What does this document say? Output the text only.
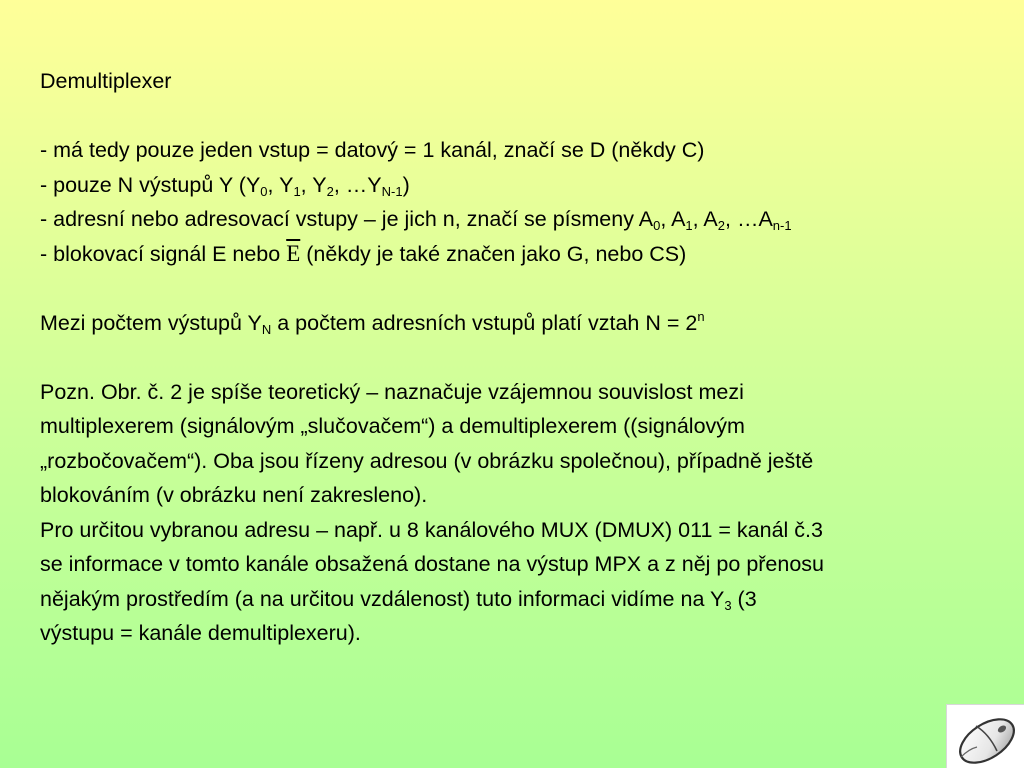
Demultiplexer
- má tedy pouze jeden vstup = datový = 1 kanál, značí se D (někdy C)
- pouze N výstupů Y ($Y_0$, $Y_1$, $Y_2$, $\dots Y_{N-1}$)
- adresní nebo adresovací vstupy – je jich n, značí se písmeny $A_0$, $A_1$, $A_2$, $\dots A_{n-1}$
- blokovací signál E nebo $\overline{E}$ (někdy je také značen jako G, nebo CS)
Mezi počtem výstupů $Y_N$ a počtem adresních vstupů platí vztah $N = 2^n$
Pozn. Obr. č. 2 je spíše teoretický – naznačuje vzájemnou souvislost mezi
multiplexerem (signálovým „slučovačem“) a demultiplexerem ((signálovým
„rozbočovačem“). Oba jsou řízeny adresou (v obrázku společnou), případně ještě
blokováním (v obrázku není zakresleno).
Pro určitou vybranou adresu – např. u 8 kanálového MUX (DMUX) 011 = kanál č.3
se informace v tomto kanále obsažená dostane na výstup MPX a z něj po přenosu
nějakým prostředím (a na určitou vzdálenost) tuto informaci vidíme na $Y_3$ (3
výstupu = kanále demultiplexeru).
